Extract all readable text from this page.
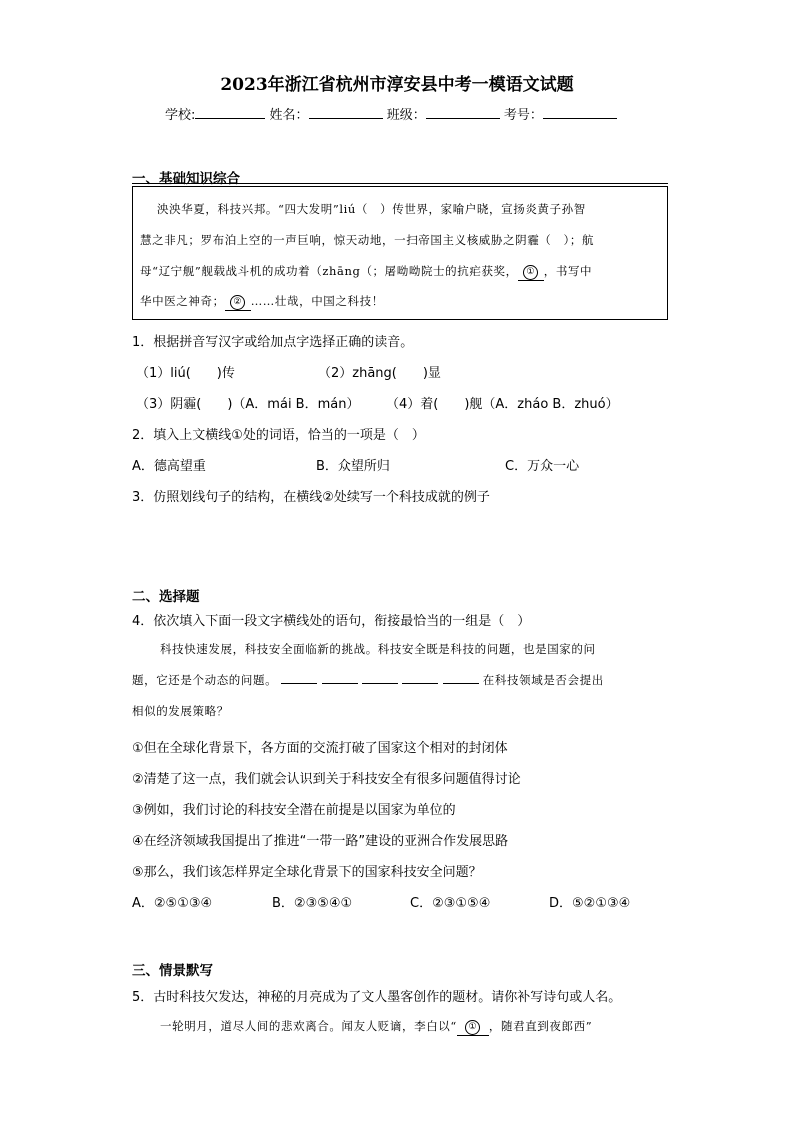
2023年浙江省杭州市淳安县中考一模语文试题
学校:	姓名：	班级：	考号：
一、基础知识综合
泱泱华夏，科技兴邦。“四大发明”liú（　）传世界，家喻户晓，宣扬炎黄子孙智
慧之非凡；罗布泊上空的一声巨响，惊天动地，一扫帝国主义核威胁之阴霾（　）；航
母“辽宁舰”舰载战斗机的成功着（zhāng（；屠呦呦院士的抗疟获奖， ① ，书写中
华中医之神奇； ② ……壮哉，中国之科技！
1．根据拼音写汉字或给加点字选择正确的读音。
（1）liú(　　)传	（2）zhāng(　　)显
（3）阴霾(　　)（A．mái B．mán） （4）着(　　)舰（A．zháo B．zhuó）
2．填入上文横线①处的词语，恰当的一项是（　）
A．德高望重	B．众望所归	C．万众一心
3．仿照划线句子的结构，在横线②处续写一个科技成就的例子
二、选择题
4．依次填入下面一段文字横线处的语句，衔接最恰当的一组是（　）
科技快速发展，科技安全面临新的挑战。科技安全既是科技的问题，也是国家的问
题，它还是个动态的问题。	在科技领域是否会提出
相似的发展策略？
①但在全球化背景下，各方面的交流打破了国家这个相对的封闭体
②清楚了这一点，我们就会认识到关于科技安全有很多问题值得讨论
③例如，我们讨论的科技安全潜在前提是以国家为单位的
④在经济领域我国提出了推进“一带一路”建设的亚洲合作发展思路
⑤那么，我们该怎样界定全球化背景下的国家科技安全问题？
A．②⑤①③④	B．②③⑤④①	C．②③①⑤④	D．⑤②①③④
三、情景默写
5．古时科技欠发达，神秘的月亮成为了文人墨客创作的题材。请你补写诗句或人名。
一轮明月，道尽人间的悲欢离合。闻友人贬谪，李白以“ ① ，随君直到夜郎西”
